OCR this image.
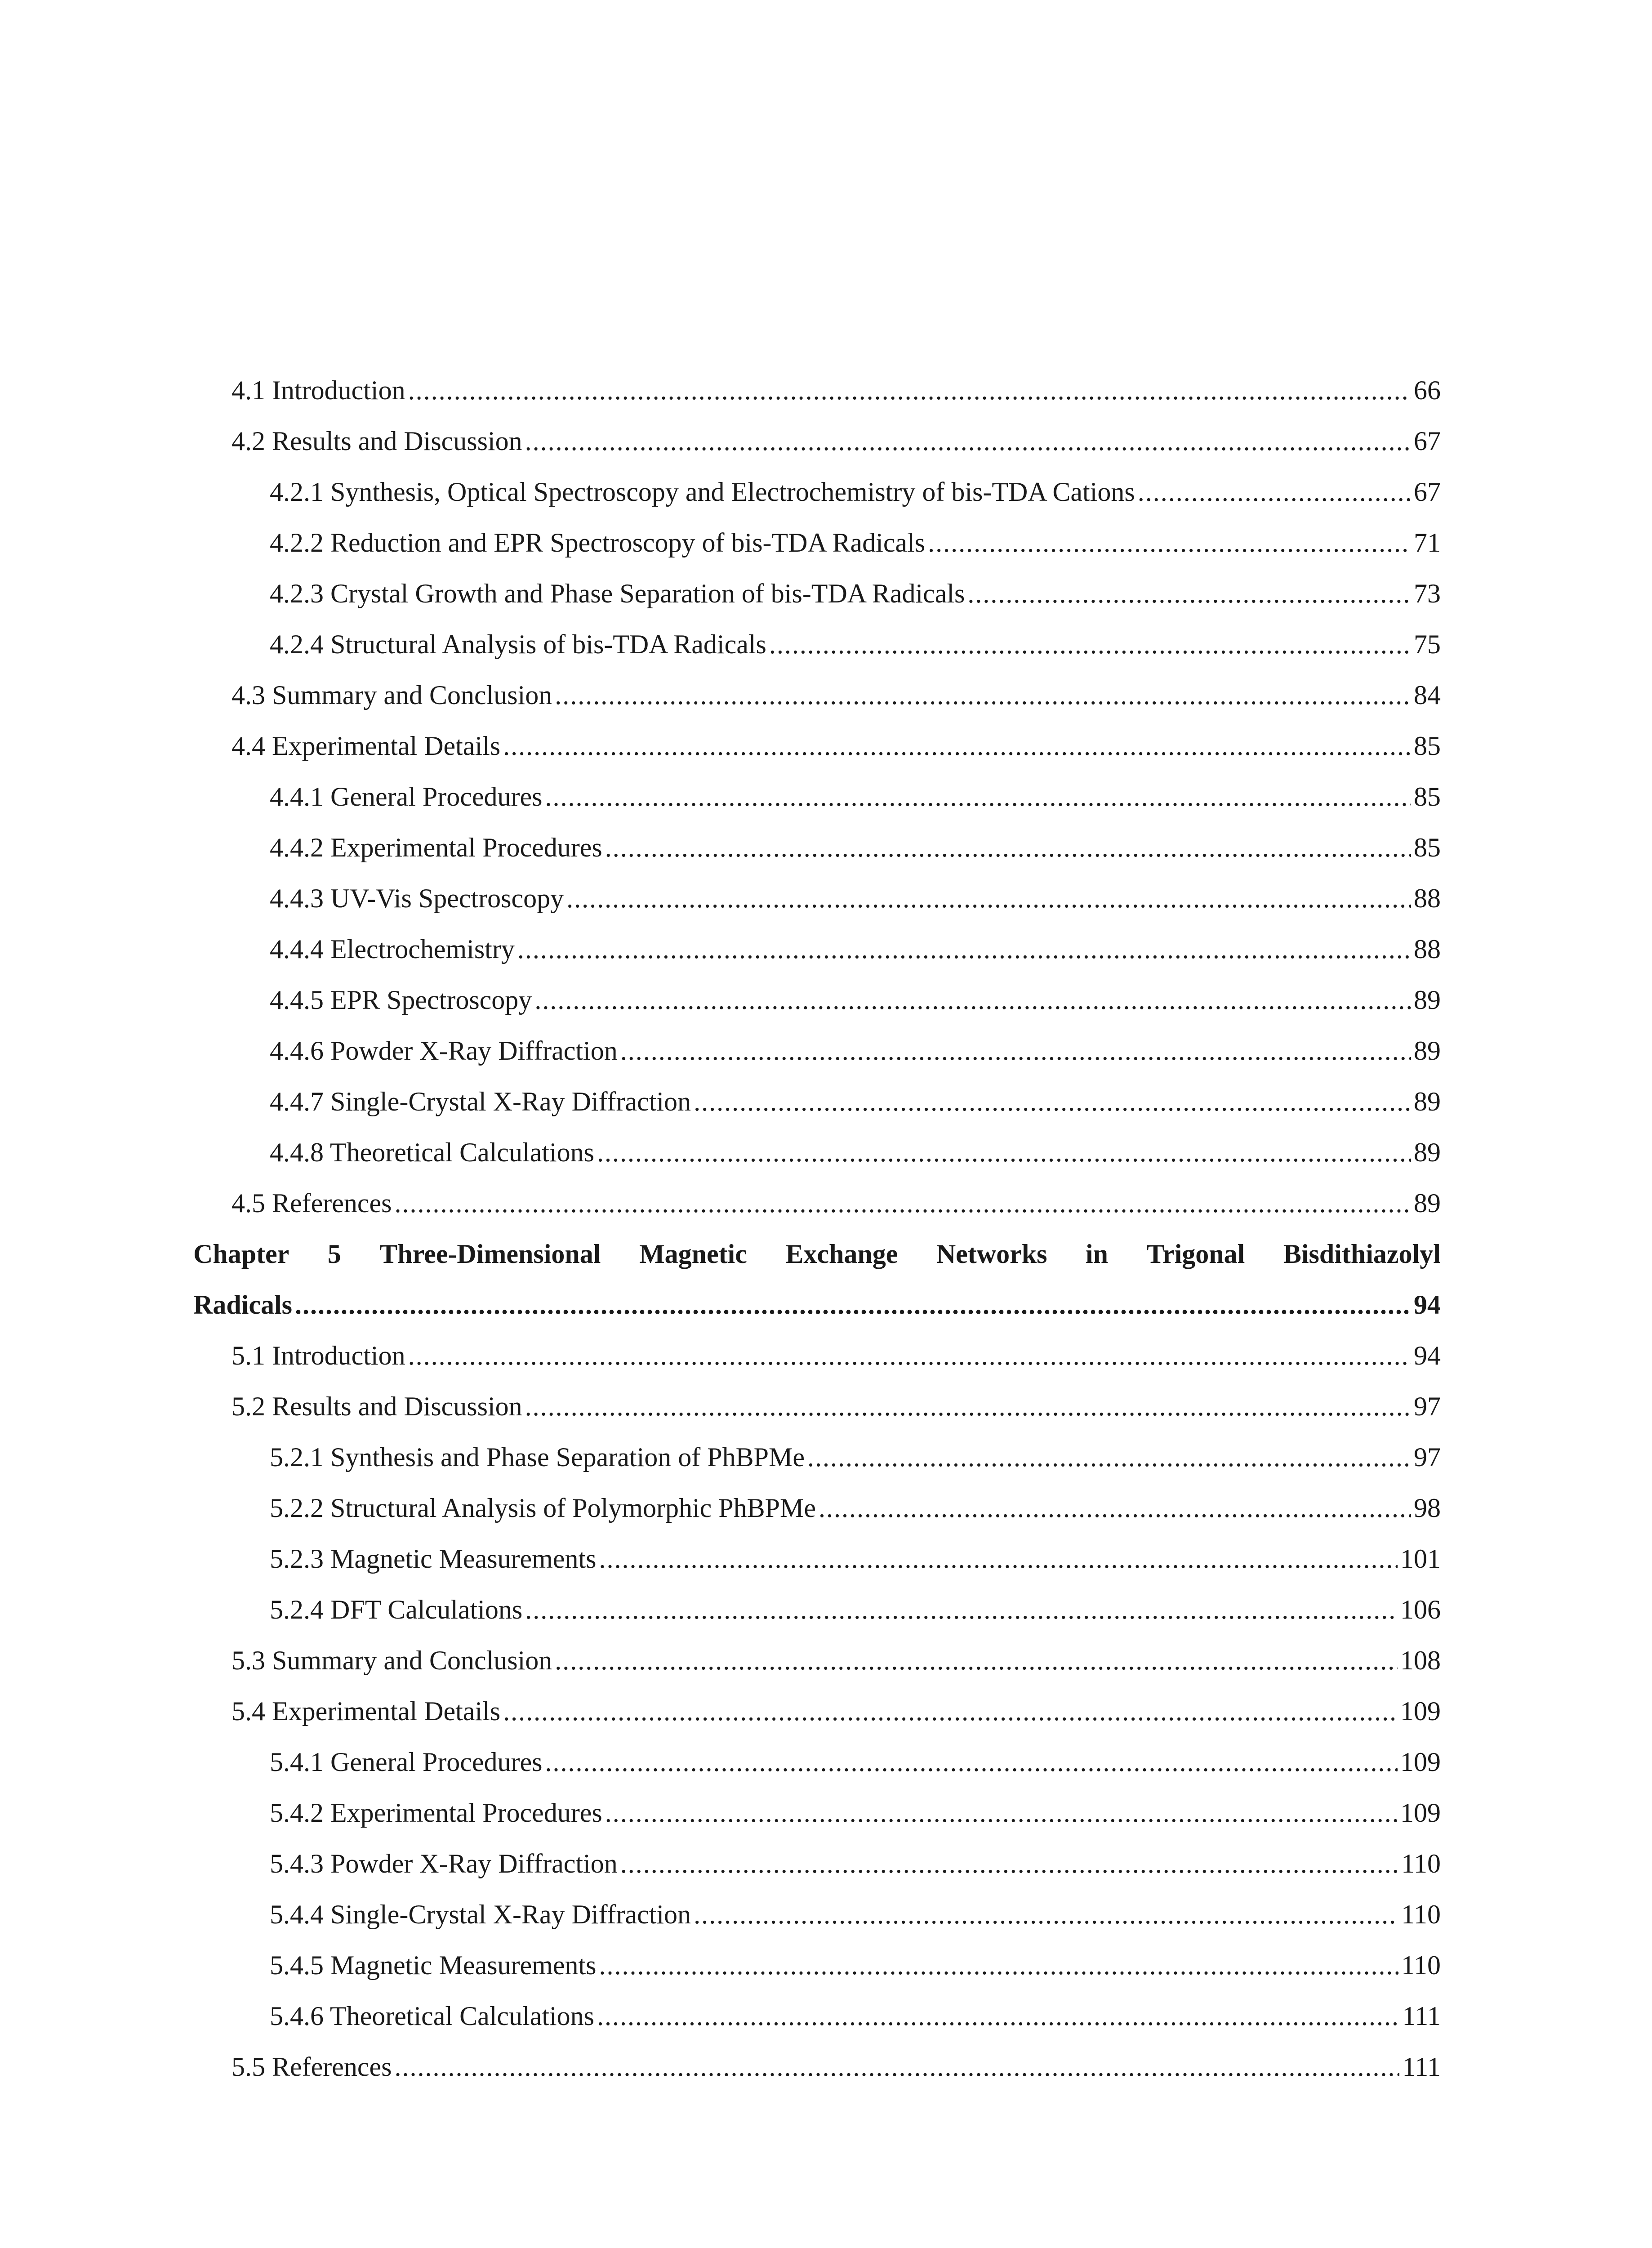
4.1 Introduction .....	66
4.2 Results and Discussion .....	67
4.2.1 Synthesis, Optical Spectroscopy and Electrochemistry of bis-TDA Cations .....	67
4.2.2 Reduction and EPR Spectroscopy of bis-TDA Radicals .....	71
4.2.3 Crystal Growth and Phase Separation of bis-TDA Radicals .....	73
4.2.4 Structural Analysis of bis-TDA Radicals .....	75
4.3 Summary and Conclusion .....	84
4.4 Experimental Details .....	85
4.4.1 General Procedures .....	85
4.4.2 Experimental Procedures .....	85
4.4.3 UV-Vis Spectroscopy .....	88
4.4.4 Electrochemistry .....	88
4.4.5 EPR Spectroscopy .....	89
4.4.6 Powder X-Ray Diffraction .....	89
4.4.7 Single-Crystal X-Ray Diffraction .....	89
4.4.8 Theoretical Calculations .....	89
4.5 References .....	89
Chapter 5 Three-Dimensional Magnetic Exchange Networks in Trigonal Bisdithiazolyl
Radicals .....	94
5.1 Introduction .....	94
5.2 Results and Discussion .....	97
5.2.1 Synthesis and Phase Separation of PhBPMe .....	97
5.2.2 Structural Analysis of Polymorphic PhBPMe .....	98
5.2.3 Magnetic Measurements .....	101
5.2.4 DFT Calculations .....	106
5.3 Summary and Conclusion .....	108
5.4 Experimental Details .....	109
5.4.1 General Procedures .....	109
5.4.2 Experimental Procedures .....	109
5.4.3 Powder X-Ray Diffraction .....	110
5.4.4 Single-Crystal X-Ray Diffraction .....	110
5.4.5 Magnetic Measurements .....	110
5.4.6 Theoretical Calculations .....	111
5.5 References .....	111
